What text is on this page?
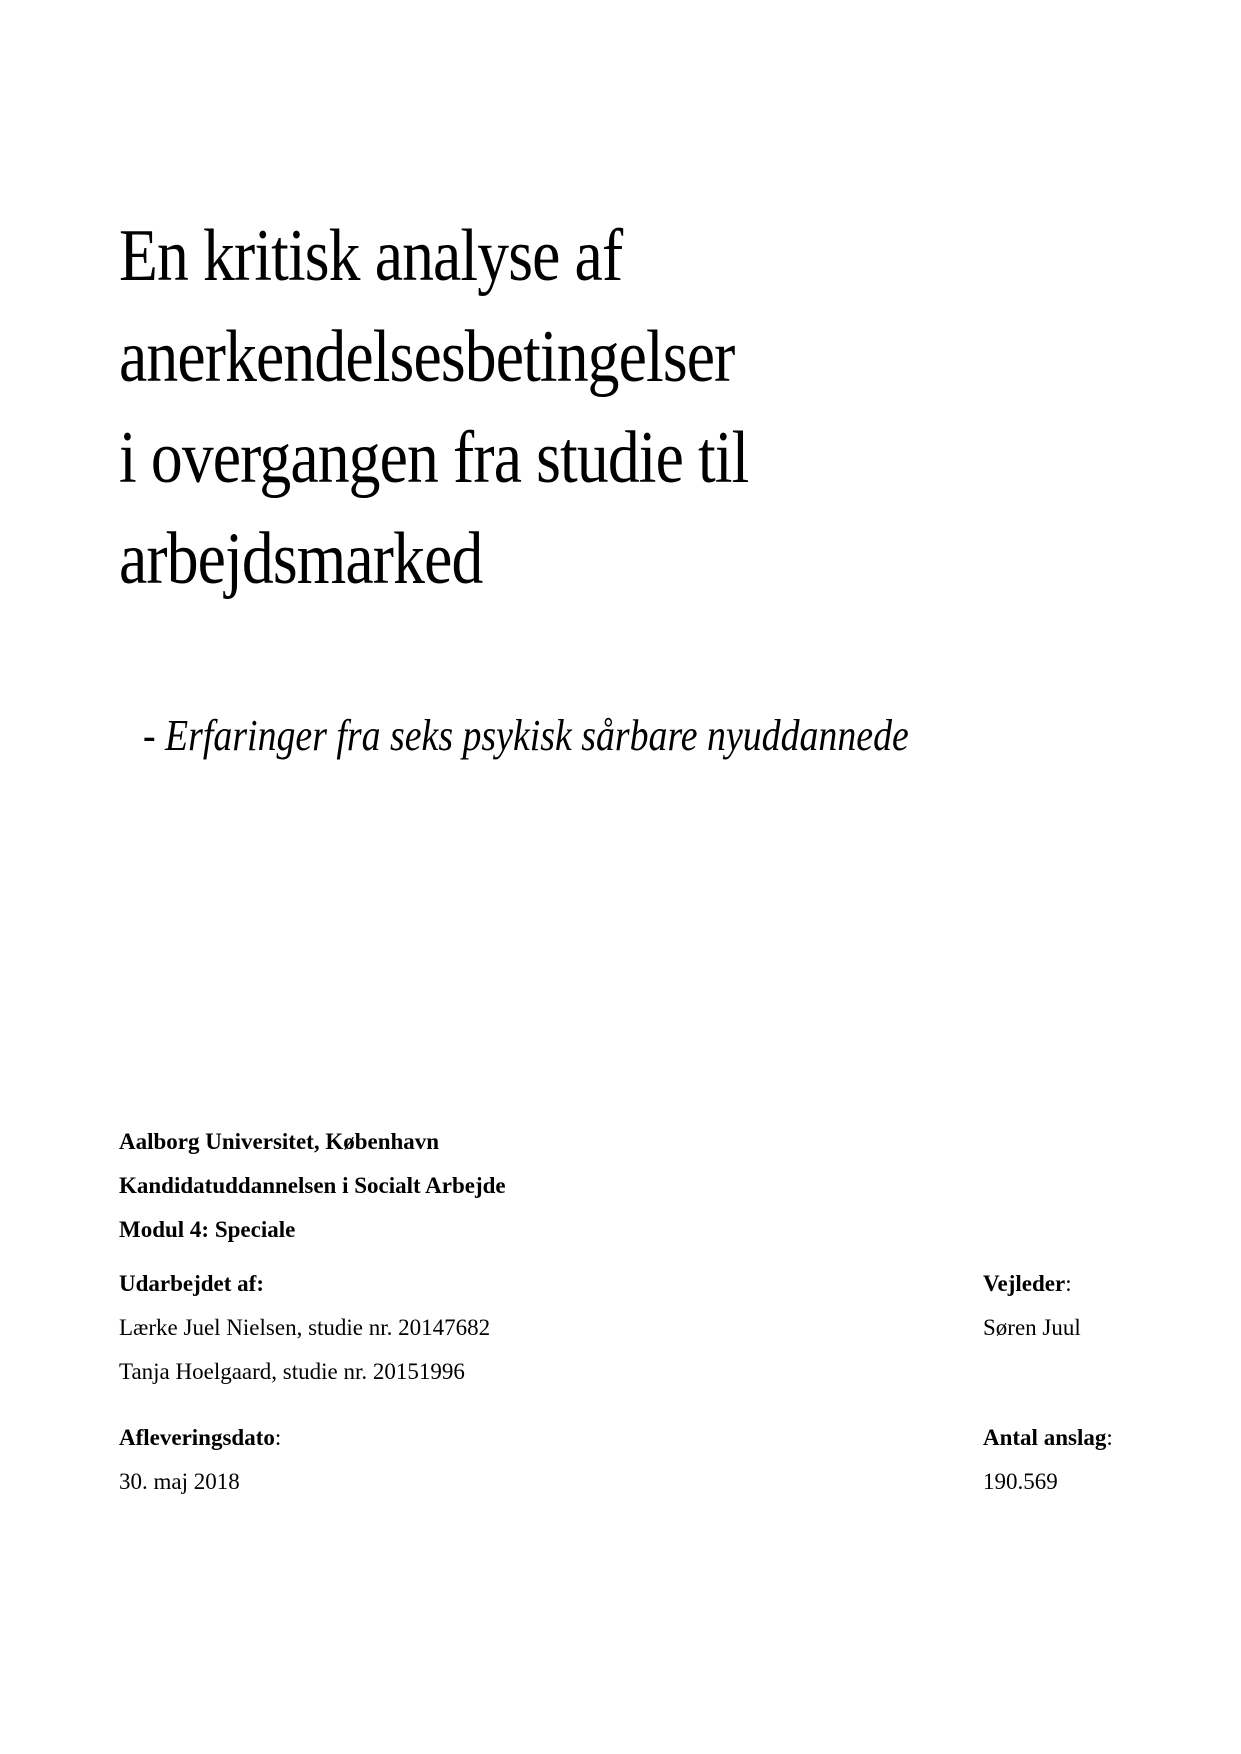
En kritisk analyse af
anerkendelsesbetingelser
i overgangen fra studie til
arbejdsmarked

- Erfaringer fra seks psykisk sårbare nyuddannede

Aalborg Universitet, København
Kandidatuddannelsen i Socialt Arbejde
Modul 4: Speciale
Udarbejdet af:
Lærke Juel Nielsen, studie nr. 20147682
Tanja Hoelgaard, studie nr. 20151996
Vejleder:
Søren Juul
Afleveringsdato:
30. maj 2018
Antal anslag:
190.569
